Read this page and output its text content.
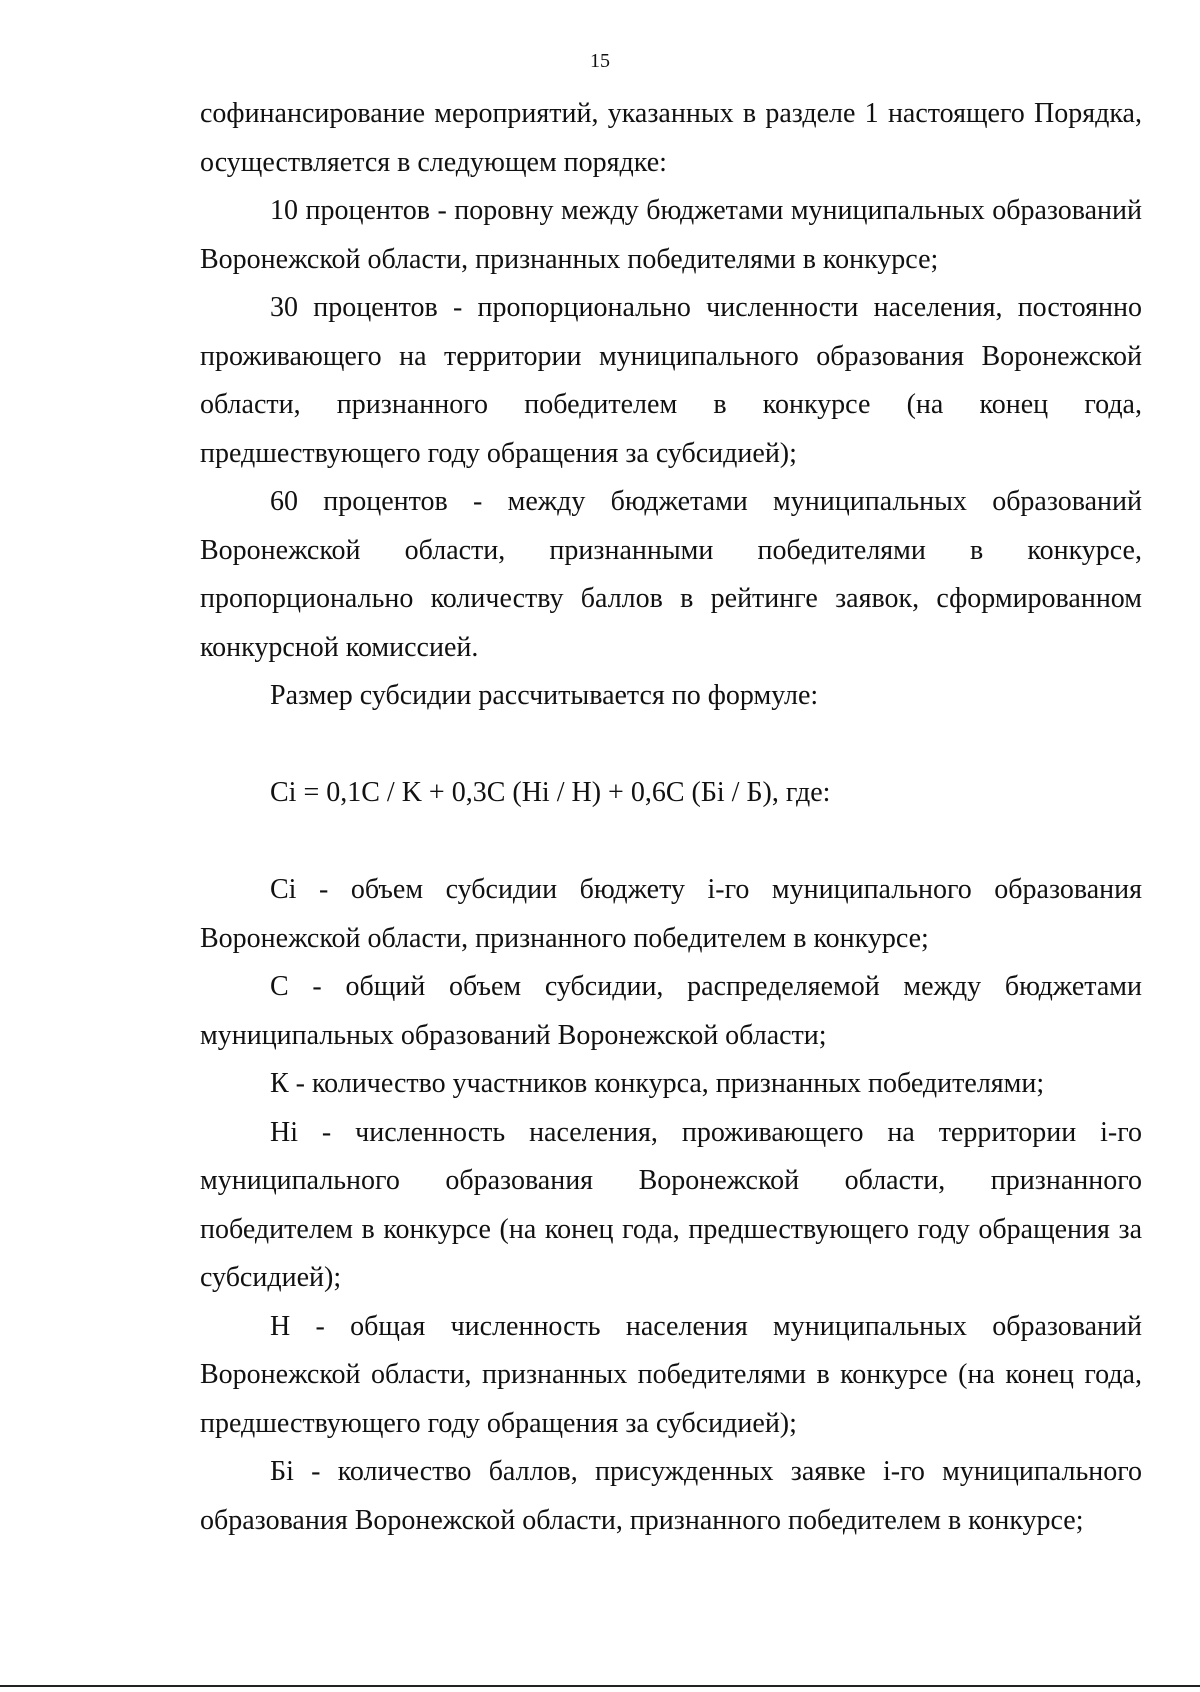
15

софинансирование мероприятий, указанных в разделе 1 настоящего Порядка, осуществляется в следующем порядке:

10 процентов - поровну между бюджетами муниципальных образований Воронежской области, признанных победителями в конкурсе;

30 процентов - пропорционально численности населения, постоянно проживающего на территории муниципального образования Воронежской области, признанного победителем в конкурсе (на конец года, предшествующего году обращения за субсидией);

60 процентов - между бюджетами муниципальных образований Воронежской области, признанными победителями в конкурсе, пропорционально количеству баллов в рейтинге заявок, сформированном конкурсной комиссией.

Размер субсидии рассчитывается по формуле:

Ci = 0,1C / K + 0,3C (Hi / H) + 0,6C (Бi / Б), где:

Ci - объем субсидии бюджету i-го муниципального образования Воронежской области, признанного победителем в конкурсе;

C - общий объем субсидии, распределяемой между бюджетами муниципальных образований Воронежской области;

К - количество участников конкурса, признанных победителями;

Hi - численность населения, проживающего на территории i-го муниципального образования Воронежской области, признанного победителем в конкурсе (на конец года, предшествующего году обращения за субсидией);

H - общая численность населения муниципальных образований Воронежской области, признанных победителями в конкурсе (на конец года, предшествующего году обращения за субсидией);

Бi - количество баллов, присужденных заявке i-го муниципального образования Воронежской области, признанного победителем в конкурсе;
